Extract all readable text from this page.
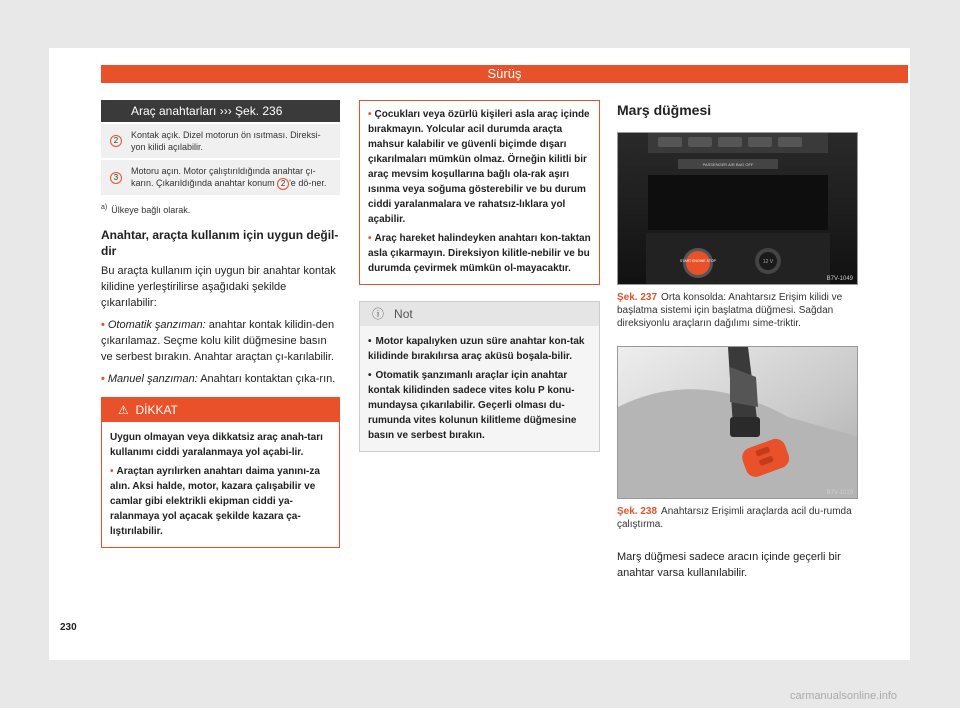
Sürüş
Araç anahtarları ››› Şek. 236
2
Kontak açık. Dizel motorun ön ısıtması. Direksi-yon kilidi açılabilir.
3
Motoru açın. Motor çalıştırıldığında anahtar çı-karın. Çıkarıldığında anahtar konum 2 'e dö-ner.
$^{a)}$ Ülkeye bağlı olarak.
Anahtar, araçta kullanım için uygun değil-dir

Bu araçta kullanım için uygun bir anahtar kontak kilidine yerleştirilirse aşağıdaki şekilde çıkarılabilir:

• Otomatik şanzıman: anahtar kontak kilidin-den çıkarılamaz. Seçme kolu kilit düğmesine basın ve serbest bırakın. Anahtar araçtan çı-karılabilir.
• Manuel şanzıman: Anahtarı kontaktan çıka-rın.
⚠ DİKKAT
Uygun olmayan veya dikkatsiz araç anah-tarı kullanımı ciddi yaralanmaya yol açabi-lir.
• Araçtan ayrılırken anahtarı daima yanını-za alın. Aksi halde, motor, kazara çalışabilir ve camlar gibi elektrikli ekipman ciddi ya-ralanmaya yol açacak şekilde kazara ça-lıştırılabilir.
• Çocukları veya özürlü kişileri asla araç içinde bırakmayın. Yolcular acil durumda araçta mahsur kalabilir ve güvenli biçimde dışarı çıkarılmaları mümkün olmaz. Örneğin kilitli bir araç mevsim koşullarına bağlı ola-rak aşırı ısınma veya soğuma gösterebilir ve bu durum ciddi yaralanmalara ve rahatsız-lıklara yol açabilir.
• Araç hareket halindeyken anahtarı kon-taktan asla çıkarmayın. Direksiyon kilitle-nebilir ve bu durumda çevirmek mümkün ol-mayacaktır.
ⓘ Not
• Motor kapalıyken uzun süre anahtar kon-tak kilidinde bırakılırsa araç aküsü boşala-bilir.
• Otomatik şanzımanlı araçlar için anahtar kontak kilidinden sadece vites kolu P konu-mundaysa çıkarılabilir. Geçerli olması du-rumunda vites kolunun kilitleme düğmesine basın ve serbest bırakın.
Marş düğmesi
PASSENGER AIR BAG OFF
START ENGINE STOP	12 V
B7V-1049
Şek. 237 Orta konsolda: Anahtarsız Erişim kilidi ve başlatma sistemi için başlatma düğmesi. Sağdan direksiyonlu araçların dağılımı sime-triktir.
B7V-1019
Şek. 238 Anahtarsız Erişimli araçlarda acil du-rumda çalıştırma.

Marş düğmesi sadece aracın içinde geçerli bir anahtar varsa kullanılabilir.

230
carmanualsonline.info
